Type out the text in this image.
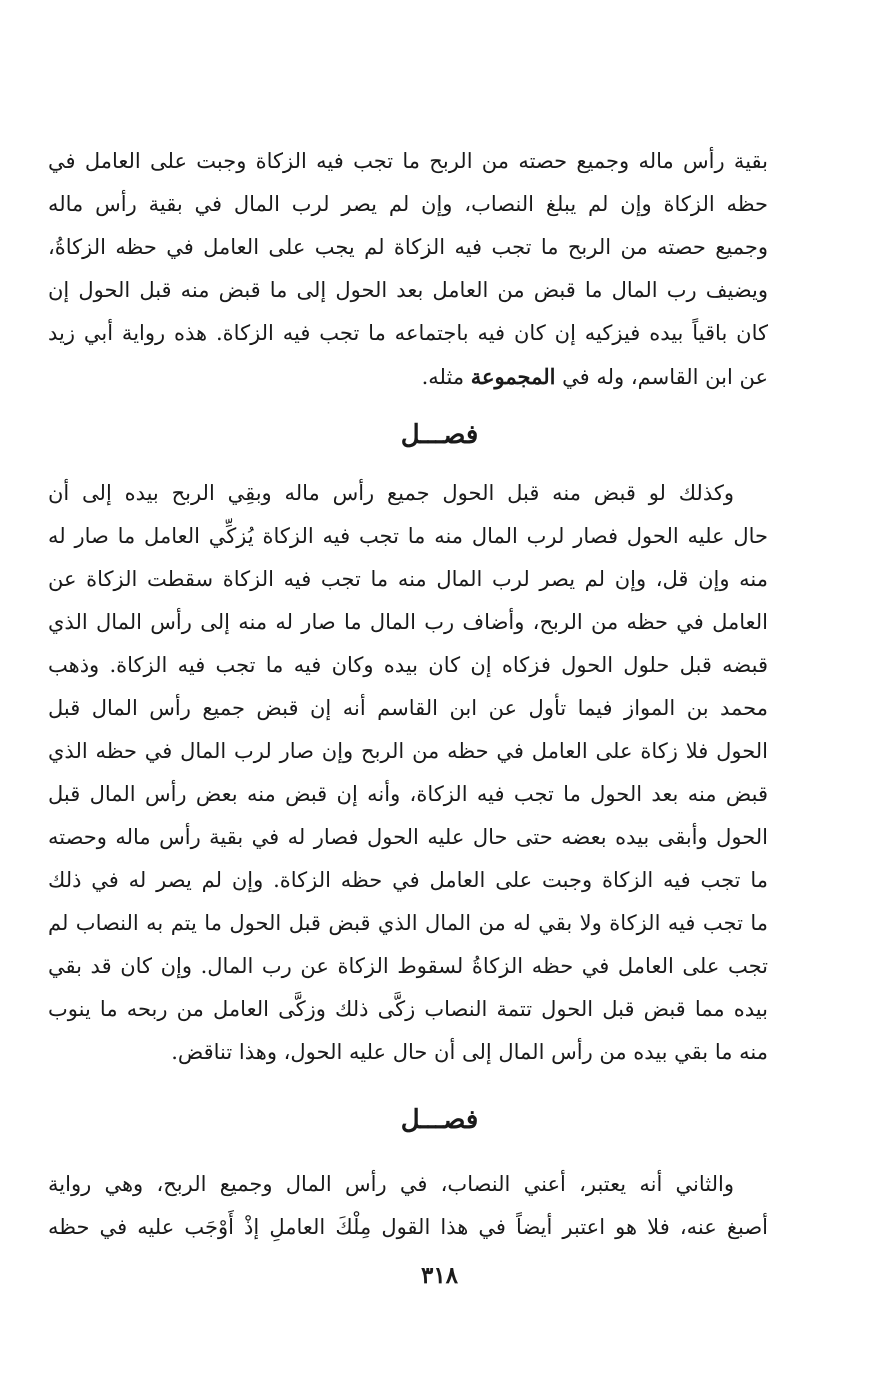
بقية رأس ماله وجميع حصته من الربح ما تجب فيه الزكاة وجبت على العامل في
حظه الزكاة وإن لم يبلغ النصاب، وإن لم يصر لرب المال في بقية رأس ماله
وجميع حصته من الربح ما تجب فيه الزكاة لم يجب على العامل في حظه الزكاةُ،
ويضيف رب المال ما قبض من العامل بعد الحول إلى ما قبض منه قبل الحول إن
كان باقياً بيده فيزكيه إن كان فيه باجتماعه ما تجب فيه الزكاة. هذه رواية أبي زيد
عن ابن القاسم، وله في المجموعة مثله.
فصـــل
وكذلك لو قبض منه قبل الحول جميع رأس ماله وبقِي الربح بيده إلى أن
حال عليه الحول فصار لرب المال منه ما تجب فيه الزكاة يُزكِّي العامل ما صار له
منه وإن قل، وإن لم يصر لرب المال منه ما تجب فيه الزكاة سقطت الزكاة عن
العامل في حظه من الربح، وأضاف رب المال ما صار له منه إلى رأس المال الذي
قبضه قبل حلول الحول فزكاه إن كان بيده وكان فيه ما تجب فيه الزكاة. وذهب
محمد بن المواز فيما تأول عن ابن القاسم أنه إن قبض جميع رأس المال قبل
الحول فلا زكاة على العامل في حظه من الربح وإن صار لرب المال في حظه الذي
قبض منه بعد الحول ما تجب فيه الزكاة، وأنه إن قبض منه بعض رأس المال قبل
الحول وأبقى بيده بعضه حتى حال عليه الحول فصار له في بقية رأس ماله وحصته
ما تجب فيه الزكاة وجبت على العامل في حظه الزكاة. وإن لم يصر له في ذلك
ما تجب فيه الزكاة ولا بقي له من المال الذي قبض قبل الحول ما يتم به النصاب لم
تجب على العامل في حظه الزكاةُ لسقوط الزكاة عن رب المال. وإن كان قد بقي
بيده مما قبض قبل الحول تتمة النصاب زكَّى ذلك وزكَّى العامل من ربحه ما ينوب
منه ما بقي بيده من رأس المال إلى أن حال عليه الحول، وهذا تناقض.
فصـــل
والثاني أنه يعتبر، أعني النصاب، في رأس المال وجميع الربح، وهي رواية
أصبغ عنه، فلا هو اعتبر أيضاً في هذا القول مِلْكَ العاملِ إذْ أَوْجَب عليه في حظه
٣١٨
